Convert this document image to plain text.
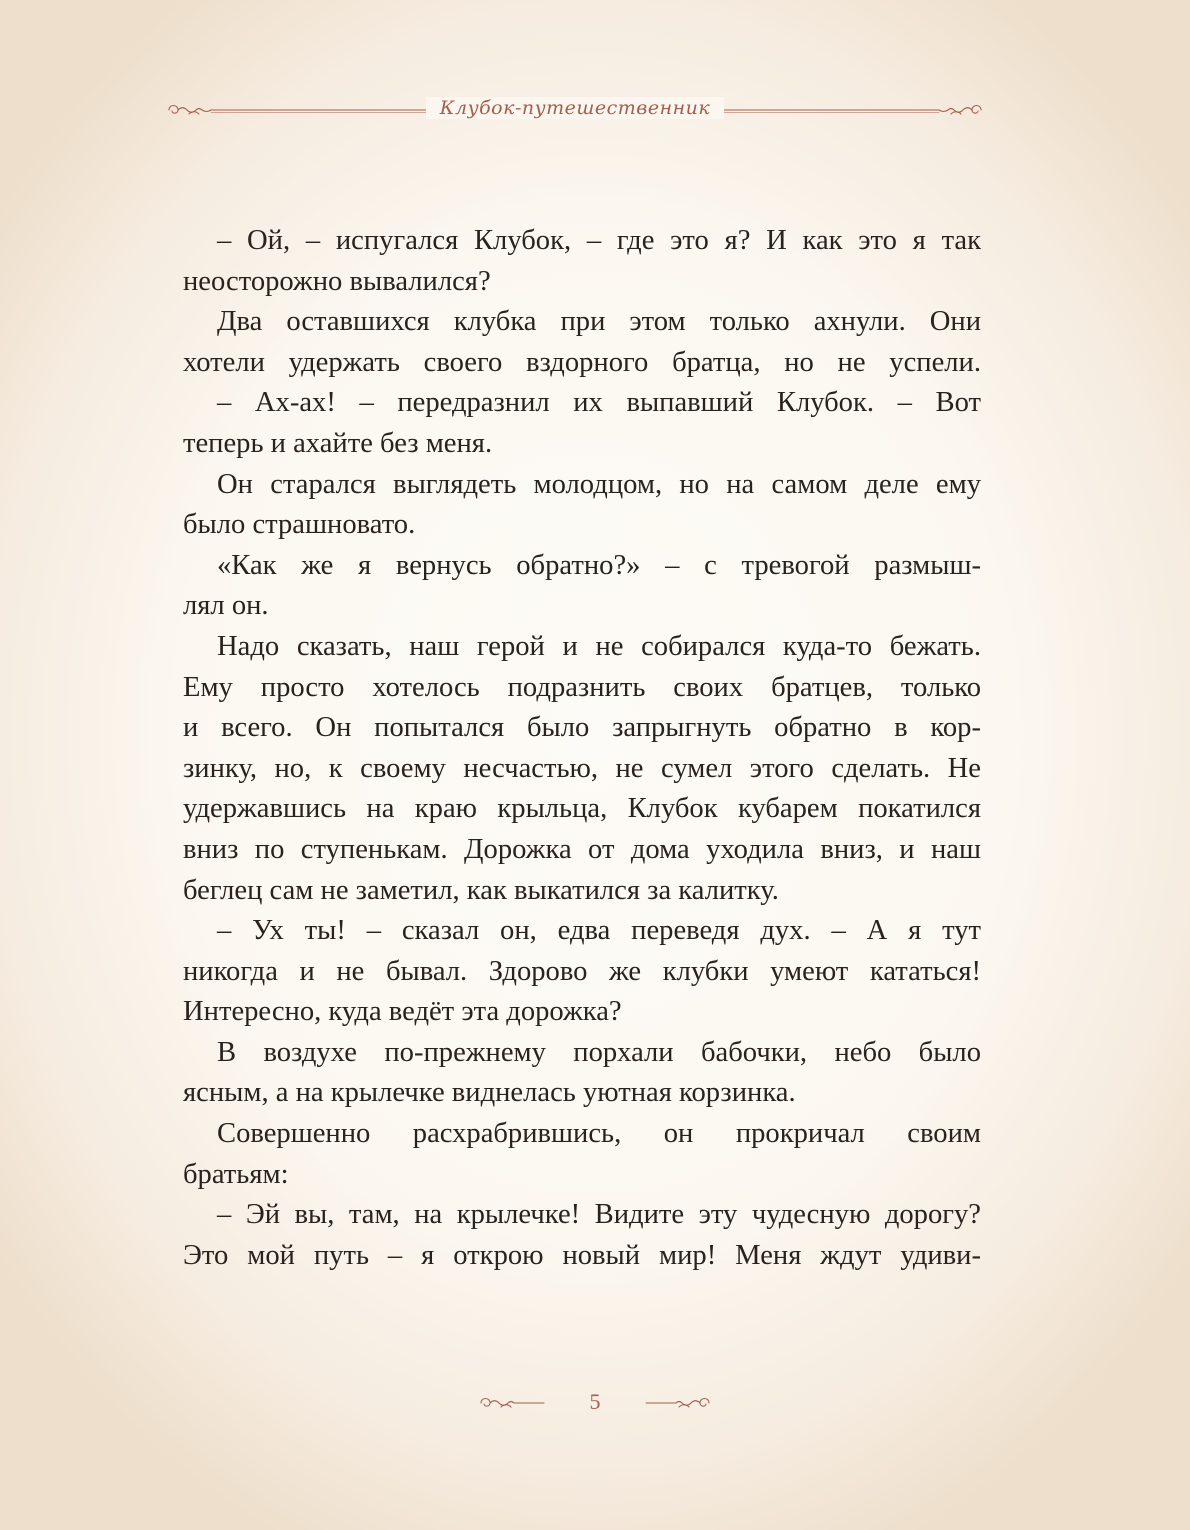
Клубок-путешественник
– Ой, – испугался Клубок, – где это я? И как это я так
неосторожно вывалился?
Два оставшихся клубка при этом только ахнули. Они
хотели удержать своего вздорного братца, но не успели.
– Ах-ах! – передразнил их выпавший Клубок. – Вот
теперь и ахайте без меня.
Он старался выглядеть молодцом, но на самом деле ему
было страшновато.
«Как же я вернусь обратно?» – с тревогой размыш-
лял он.
Надо сказать, наш герой и не собирался куда-то бежать.
Ему просто хотелось подразнить своих братцев, только
и всего. Он попытался было запрыгнуть обратно в кор-
зинку, но, к своему несчастью, не сумел этого сделать. Не
удержавшись на краю крыльца, Клубок кубарем покатился
вниз по ступенькам. Дорожка от дома уходила вниз, и наш
беглец сам не заметил, как выкатился за калитку.
– Ух ты! – сказал он, едва переведя дух. – А я тут
никогда и не бывал. Здорово же клубки умеют кататься!
Интересно, куда ведёт эта дорожка?
В воздухе по-прежнему порхали бабочки, небо было
ясным, а на крылечке виднелась уютная корзинка.
Совершенно расхрабрившись, он прокричал своим
братьям:
– Эй вы, там, на крылечке! Видите эту чудесную дорогу?
Это мой путь – я открою новый мир! Меня ждут удиви-
5
